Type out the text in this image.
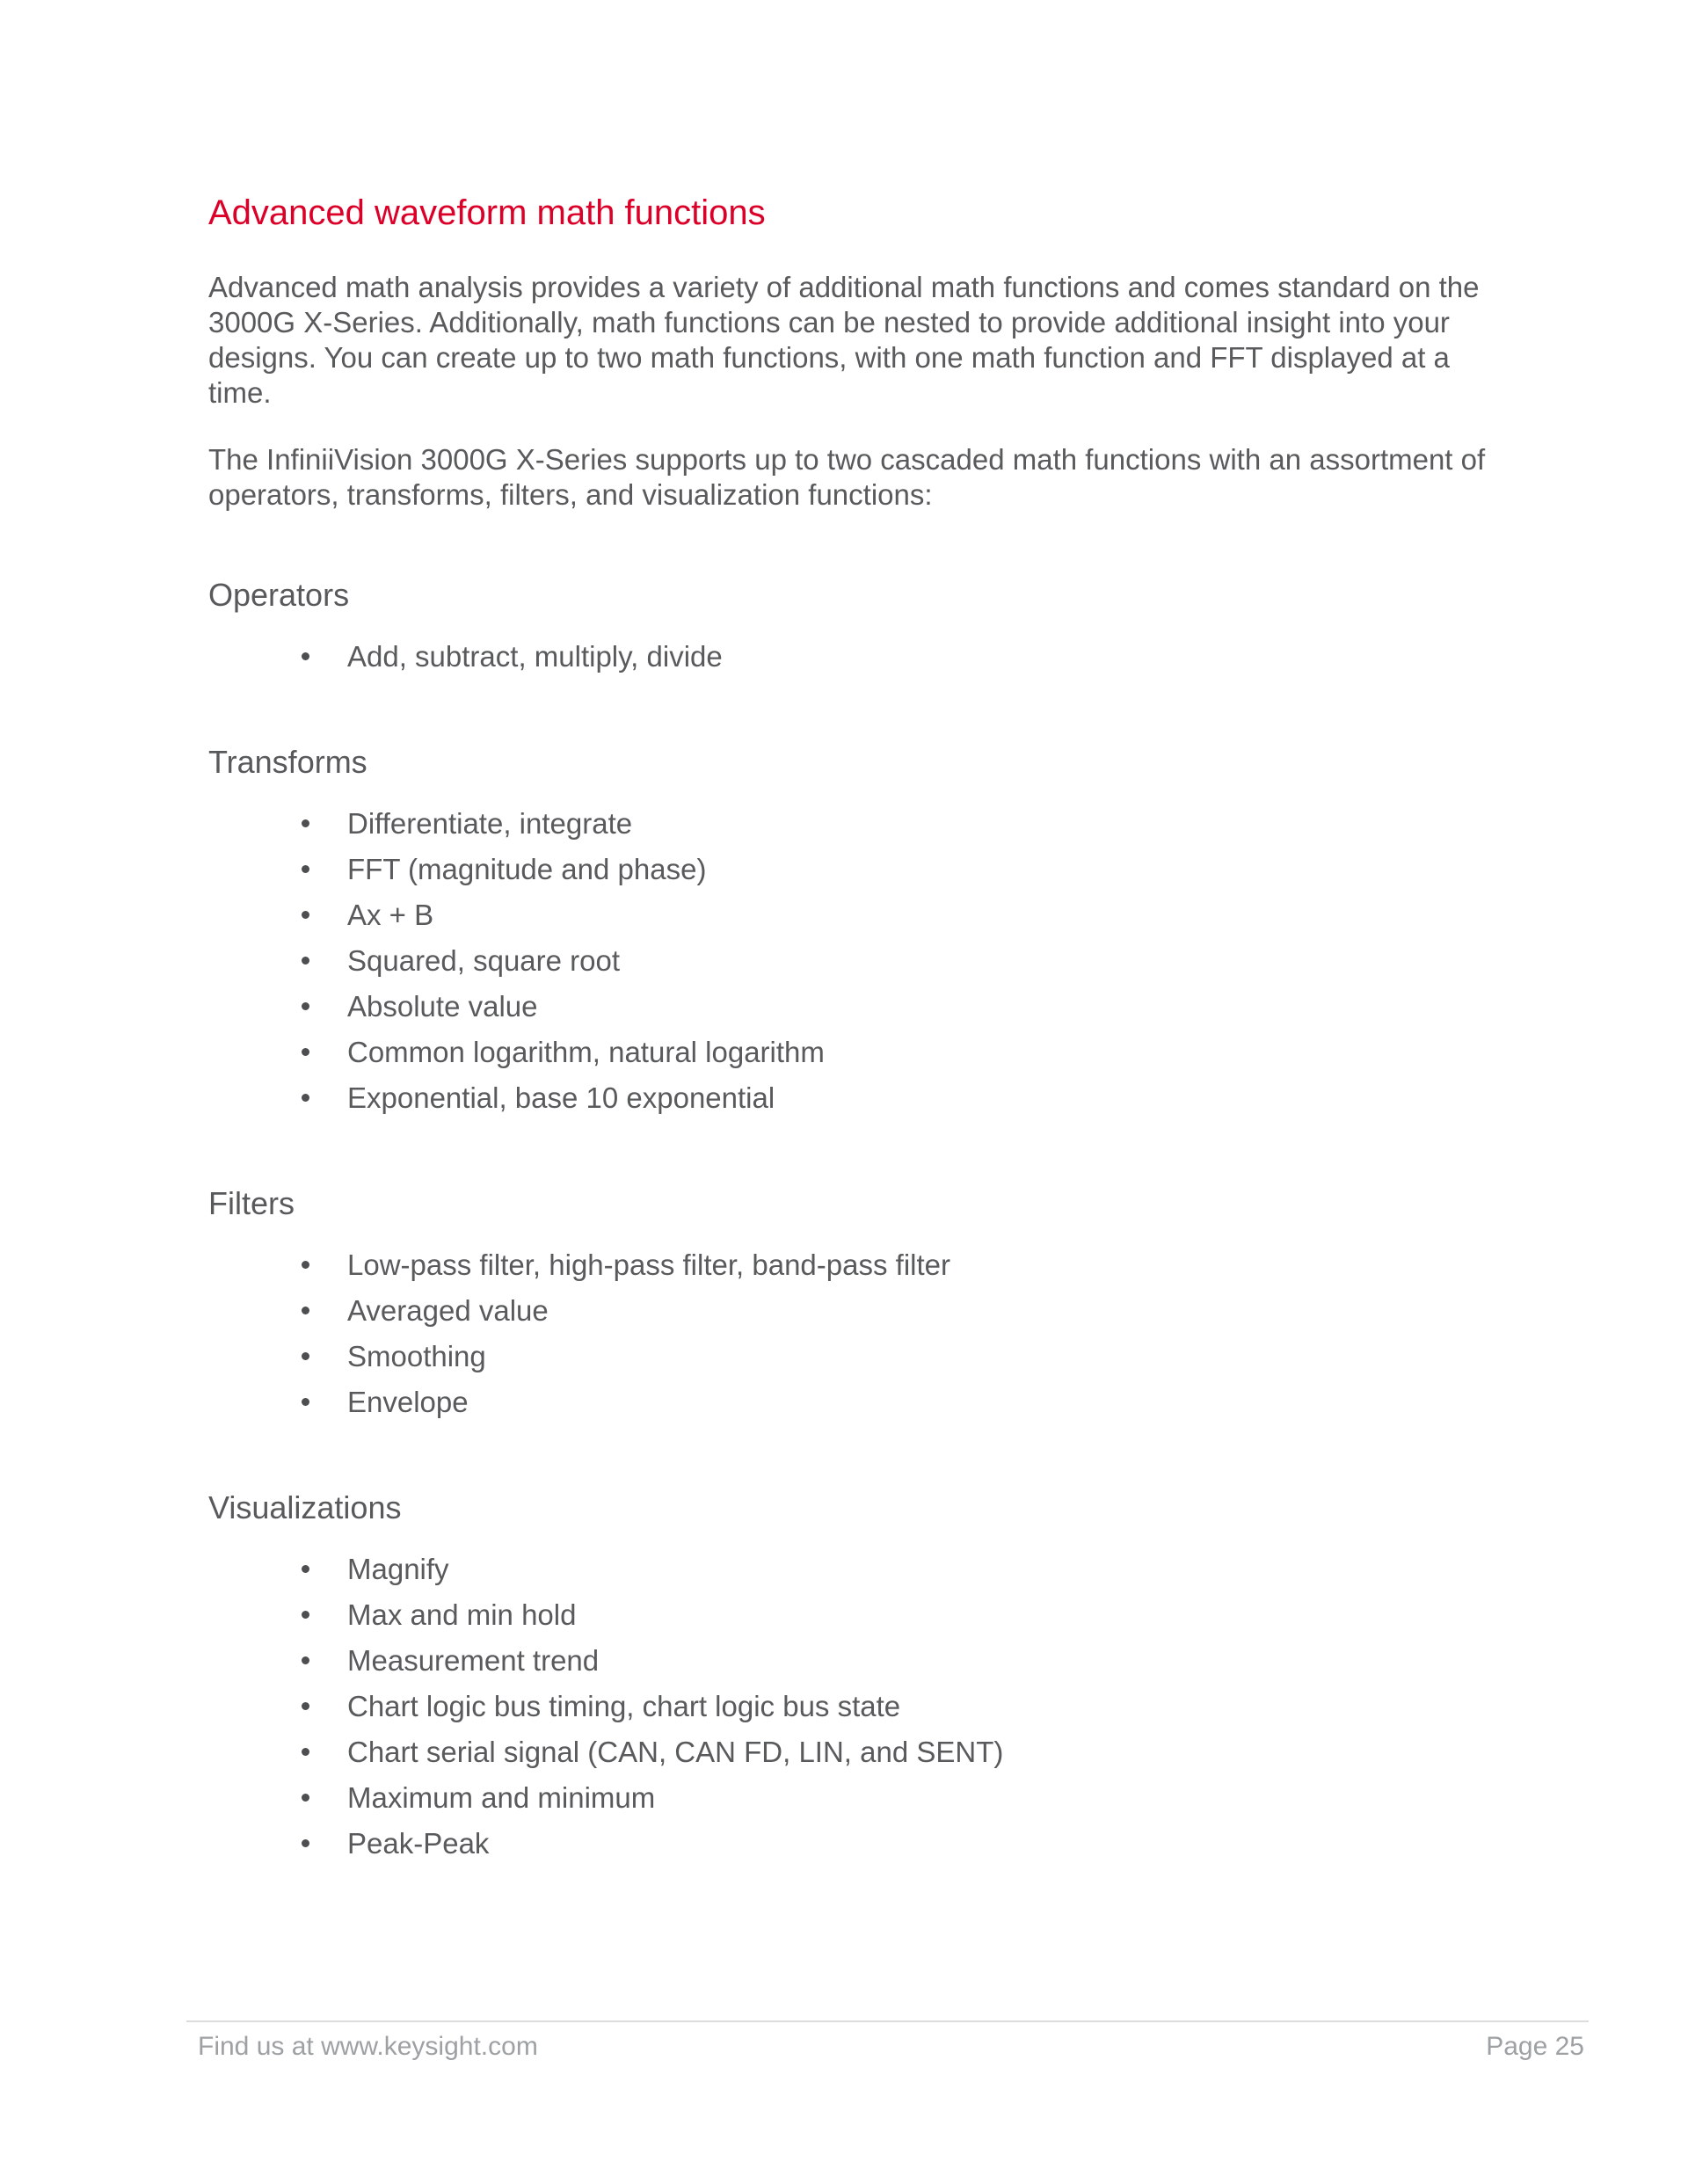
Advanced waveform math functions

Advanced math analysis provides a variety of additional math functions and comes standard on the 3000G X-Series. Additionally, math functions can be nested to provide additional insight into your designs. You can create up to two math functions, with one math function and FFT displayed at a time.

The InfiniiVision 3000G X-Series supports up to two cascaded math functions with an assortment of operators, transforms, filters, and visualization functions:

Operators
Add, subtract, multiply, divide
Transforms
Differentiate, integrate
FFT (magnitude and phase)
Ax + B
Squared, square root
Absolute value
Common logarithm, natural logarithm
Exponential, base 10 exponential
Filters
Low-pass filter, high-pass filter, band-pass filter
Averaged value
Smoothing
Envelope
Visualizations
Magnify
Max and min hold
Measurement trend
Chart logic bus timing, chart logic bus state
Chart serial signal (CAN, CAN FD, LIN, and SENT)
Maximum and minimum
Peak-Peak
Find us at www.keysight.com	Page 25
